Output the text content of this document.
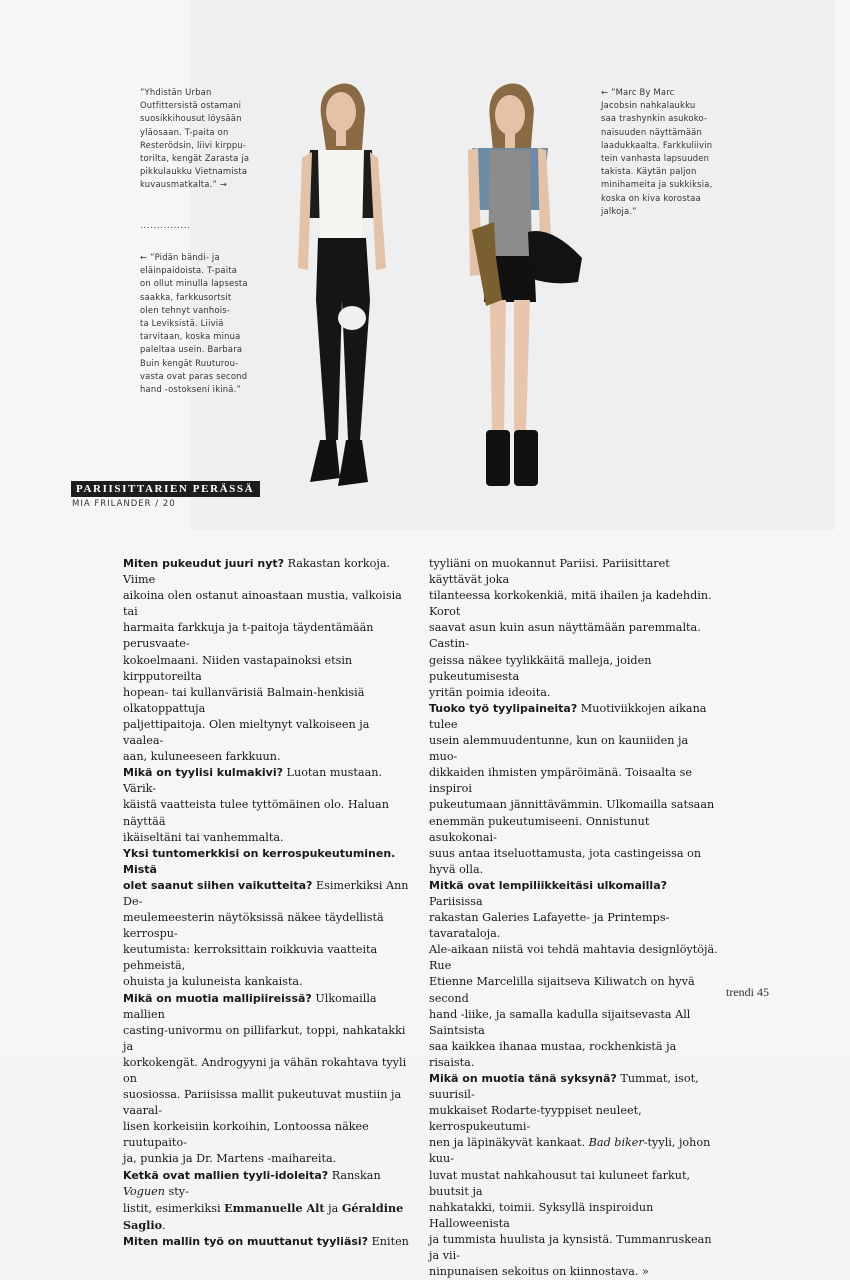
”Yhdistän Urban
Outfittersistä ostamani
suosikkihousut löysään
yläosaan. T-paita on
Resterödsin, liivi kirppu-
torilta, kengät Zarasta ja
pikkulaukku Vietnamista
kuvausmatkalta.” →
...............
← ”Pidän bändi- ja
eläinpaidoista. T-paita
on ollut minulla lapsesta
saakka, farkkusortsit
olen tehnyt vanhois-
ta Leviksistä. Liiviä
tarvitaan, koska minua
paleltaa usein. Barbara
Buin kengät Ruuturou-
vasta ovat paras second
hand -ostokseni ikinä.”
← ”Marc By Marc
Jacobsin nahkalaukku
saa trashynkin asukoko-
naisuuden näyttämään
laadukkaalta. Farkkuliivin
tein vanhasta lapsuuden
takista. Käytän paljon
minihameita ja sukkiksia,
koska on kiva korostaa
jalkoja.”
PARIISITTARIEN PERÄSSÄ
MIA FRILANDER / 20

Miten pukeudut juuri nyt? Rakastan korkoja. Viime

aikoina olen ostanut ainoastaan mustia, valkoisia tai

harmaita farkkuja ja t-paitoja täydentämään perusvaate-

kokoelmaani. Niiden vastapainoksi etsin kirpputoreilta

hopean- tai kullanvärisiä Balmain-henkisiä olkatoppattuja

paljettipaitoja. Olen mieltynyt valkoiseen ja vaalea-

aan, kuluneeseen farkkuun.

Mikä on tyylisi kulmakivi? Luotan mustaan. Värik-

käistä vaatteista tulee tyttömäinen olo. Haluan näyttää

ikäiseltäni tai vanhemmalta.

Yksi tuntomerkkisi on kerrospukeutuminen. Mistä

olet saanut siihen vaikutteita? Esimerkiksi Ann De-

meulemeesterin näytöksissä näkee täydellistä kerrospu-

keutumista: kerroksittain roikkuvia vaatteita pehmeistä,

ohuista ja kuluneista kankaista.

Mikä on muotia mallipiireissä? Ulkomailla mallien

casting-univormu on pillifarkut, toppi, nahkatakki ja

korkokengät. Androgyyni ja vähän rokahtava tyyli on

suosiossa. Pariisissa mallit pukeutuvat mustiin ja vaaral-

lisen korkeisiin korkoihin, Lontoossa näkee ruutupaito-

ja, punkia ja Dr. Martens -maihareita.

Ketkä ovat mallien tyyli-idoleita? Ranskan Voguen sty-

listit, esimerkiksi Emmanuelle Alt ja Géraldine Saglio.

Miten mallin työ on muuttanut tyyliäsi? Eniten

tyyliäni on muokannut Pariisi. Pariisittaret käyttävät joka

tilanteessa korkokenkiä, mitä ihailen ja kadehdin. Korot

saavat asun kuin asun näyttämään paremmalta. Castin-

geissa näkee tyylikkäitä malleja, joiden pukeutumisesta

yritän poimia ideoita.

Tuoko työ tyylipaineita? Muotiviikkojen aikana tulee

usein alemmuudentunne, kun on kauniiden ja muo-

dikkaiden ihmisten ympäröimänä. Toisaalta se inspiroi

pukeutumaan jännittävämmin. Ulkomailla satsaan

enemmän pukeutumiseeni. Onnistunut asukokonai-

suus antaa itseluottamusta, jota castingeissa on hyvä olla.

Mitkä ovat lempiliikkeitäsi ulkomailla? Pariisissa

rakastan Galeries Lafayette- ja Printemps-tavarataloja.

Ale-aikaan niistä voi tehdä mahtavia designlöytöjä. Rue

Etienne Marcelilla sijaitseva Kiliwatch on hyvä second

hand -liike, ja samalla kadulla sijaitsevasta All Saintsista

saa kaikkea ihanaa mustaa, rockhenkistä ja risaista.

Mikä on muotia tänä syksynä? Tummat, isot, suurisil-

mukkaiset Rodarte-tyyppiset neuleet, kerrospukeutumi-

nen ja läpinäkyvät kankaat. Bad biker-tyyli, johon kuu-

luvat mustat nahkahousut tai kuluneet farkut, buutsit ja

nahkatakki, toimii. Syksyllä inspiroidun Halloweenista

ja tummista huulista ja kynsistä. Tummanruskean ja vii-

ninpunaisen sekoitus on kiinnostava. »

trendi 45
